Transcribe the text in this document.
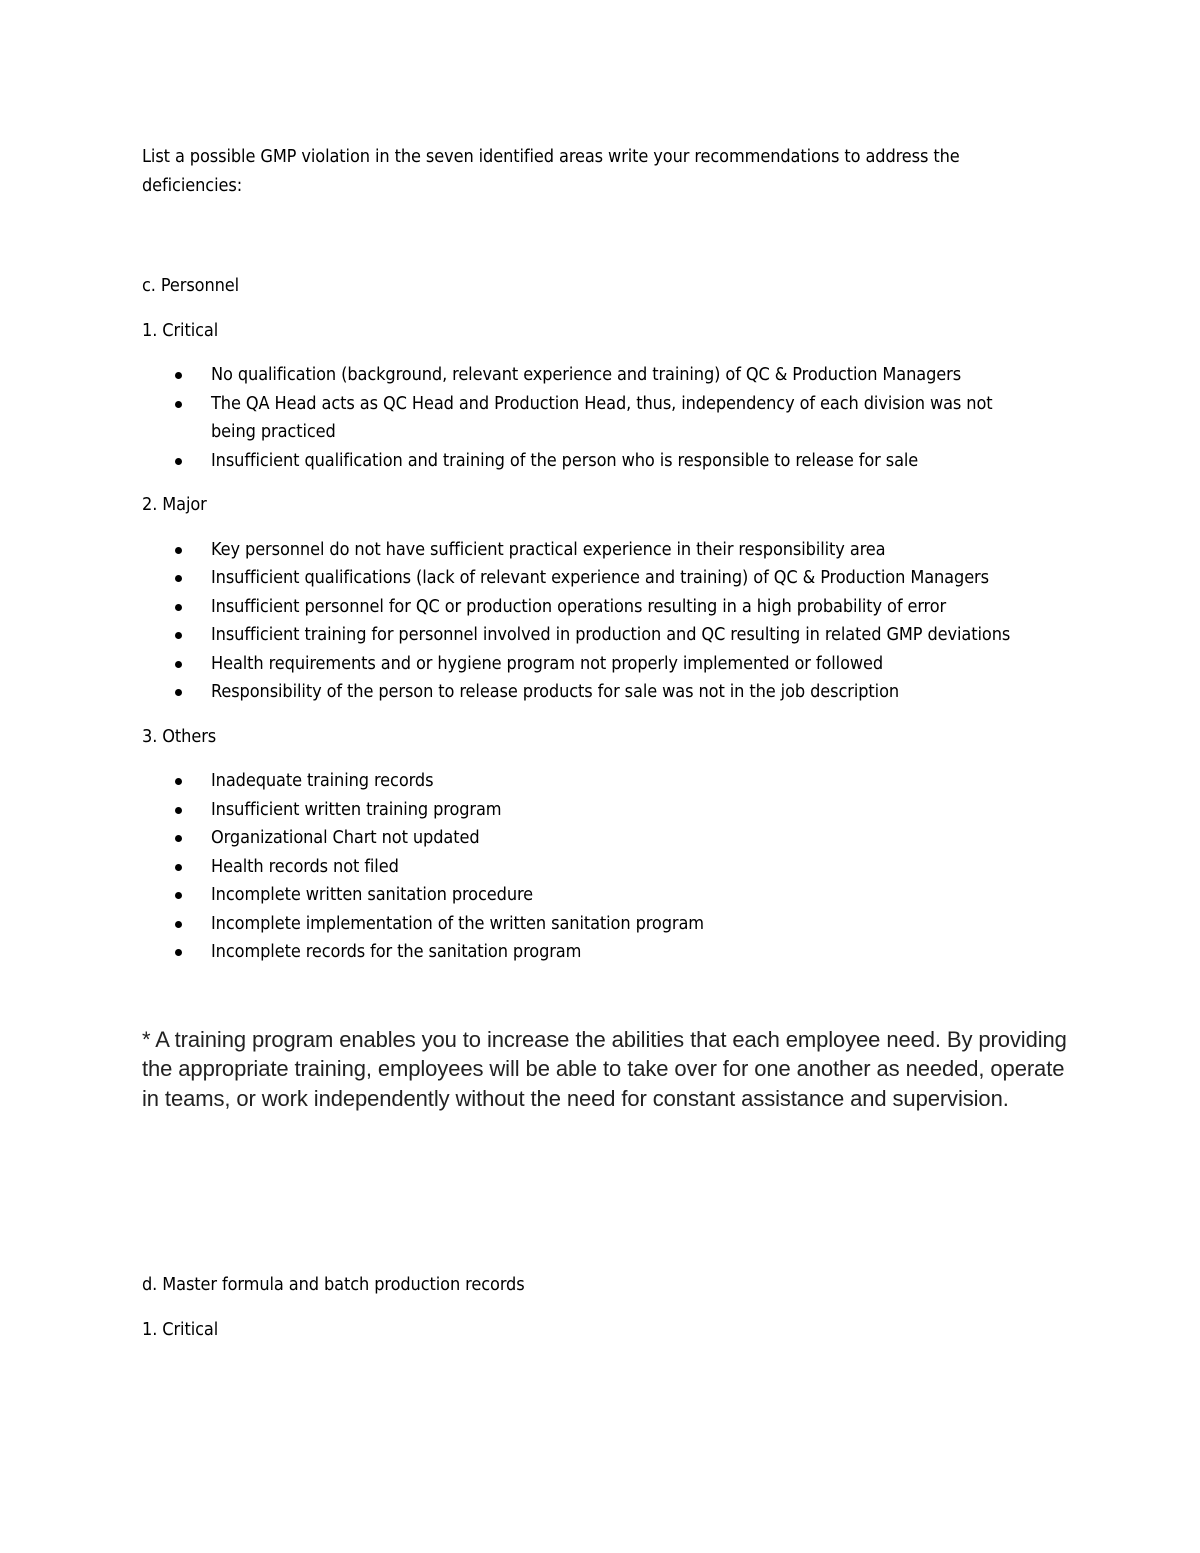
List a possible GMP violation in the seven identified areas write your recommendations to address the deficiencies:

c. Personnel

1. Critical

No qualification (background, relevant experience and training) of QC & Production Managers
The QA Head acts as QC Head and Production Head, thus, independency of each division was not being practiced
Insufficient qualification and training of the person who is responsible to release for sale

2. Major

Key personnel do not have sufficient practical experience in their responsibility area
Insufficient qualifications (lack of relevant experience and training) of QC & Production Managers
Insufficient personnel for QC or production operations resulting in a high probability of error
Insufficient training for personnel involved in production and QC resulting in related GMP deviations
Health requirements and or hygiene program not properly implemented or followed
Responsibility of the person to release products for sale was not in the job description

3. Others

Inadequate training records
Insufficient written training program
Organizational Chart not updated
Health records not filed
Incomplete written sanitation procedure
Incomplete implementation of the written sanitation program
Incomplete records for the sanitation program

* A training program enables you to increase the abilities that each employee need. By providing the appropriate training, employees will be able to take over for one another as needed, operate in teams, or work independently without the need for constant assistance and supervision.

d. Master formula and batch production records

1. Critical
